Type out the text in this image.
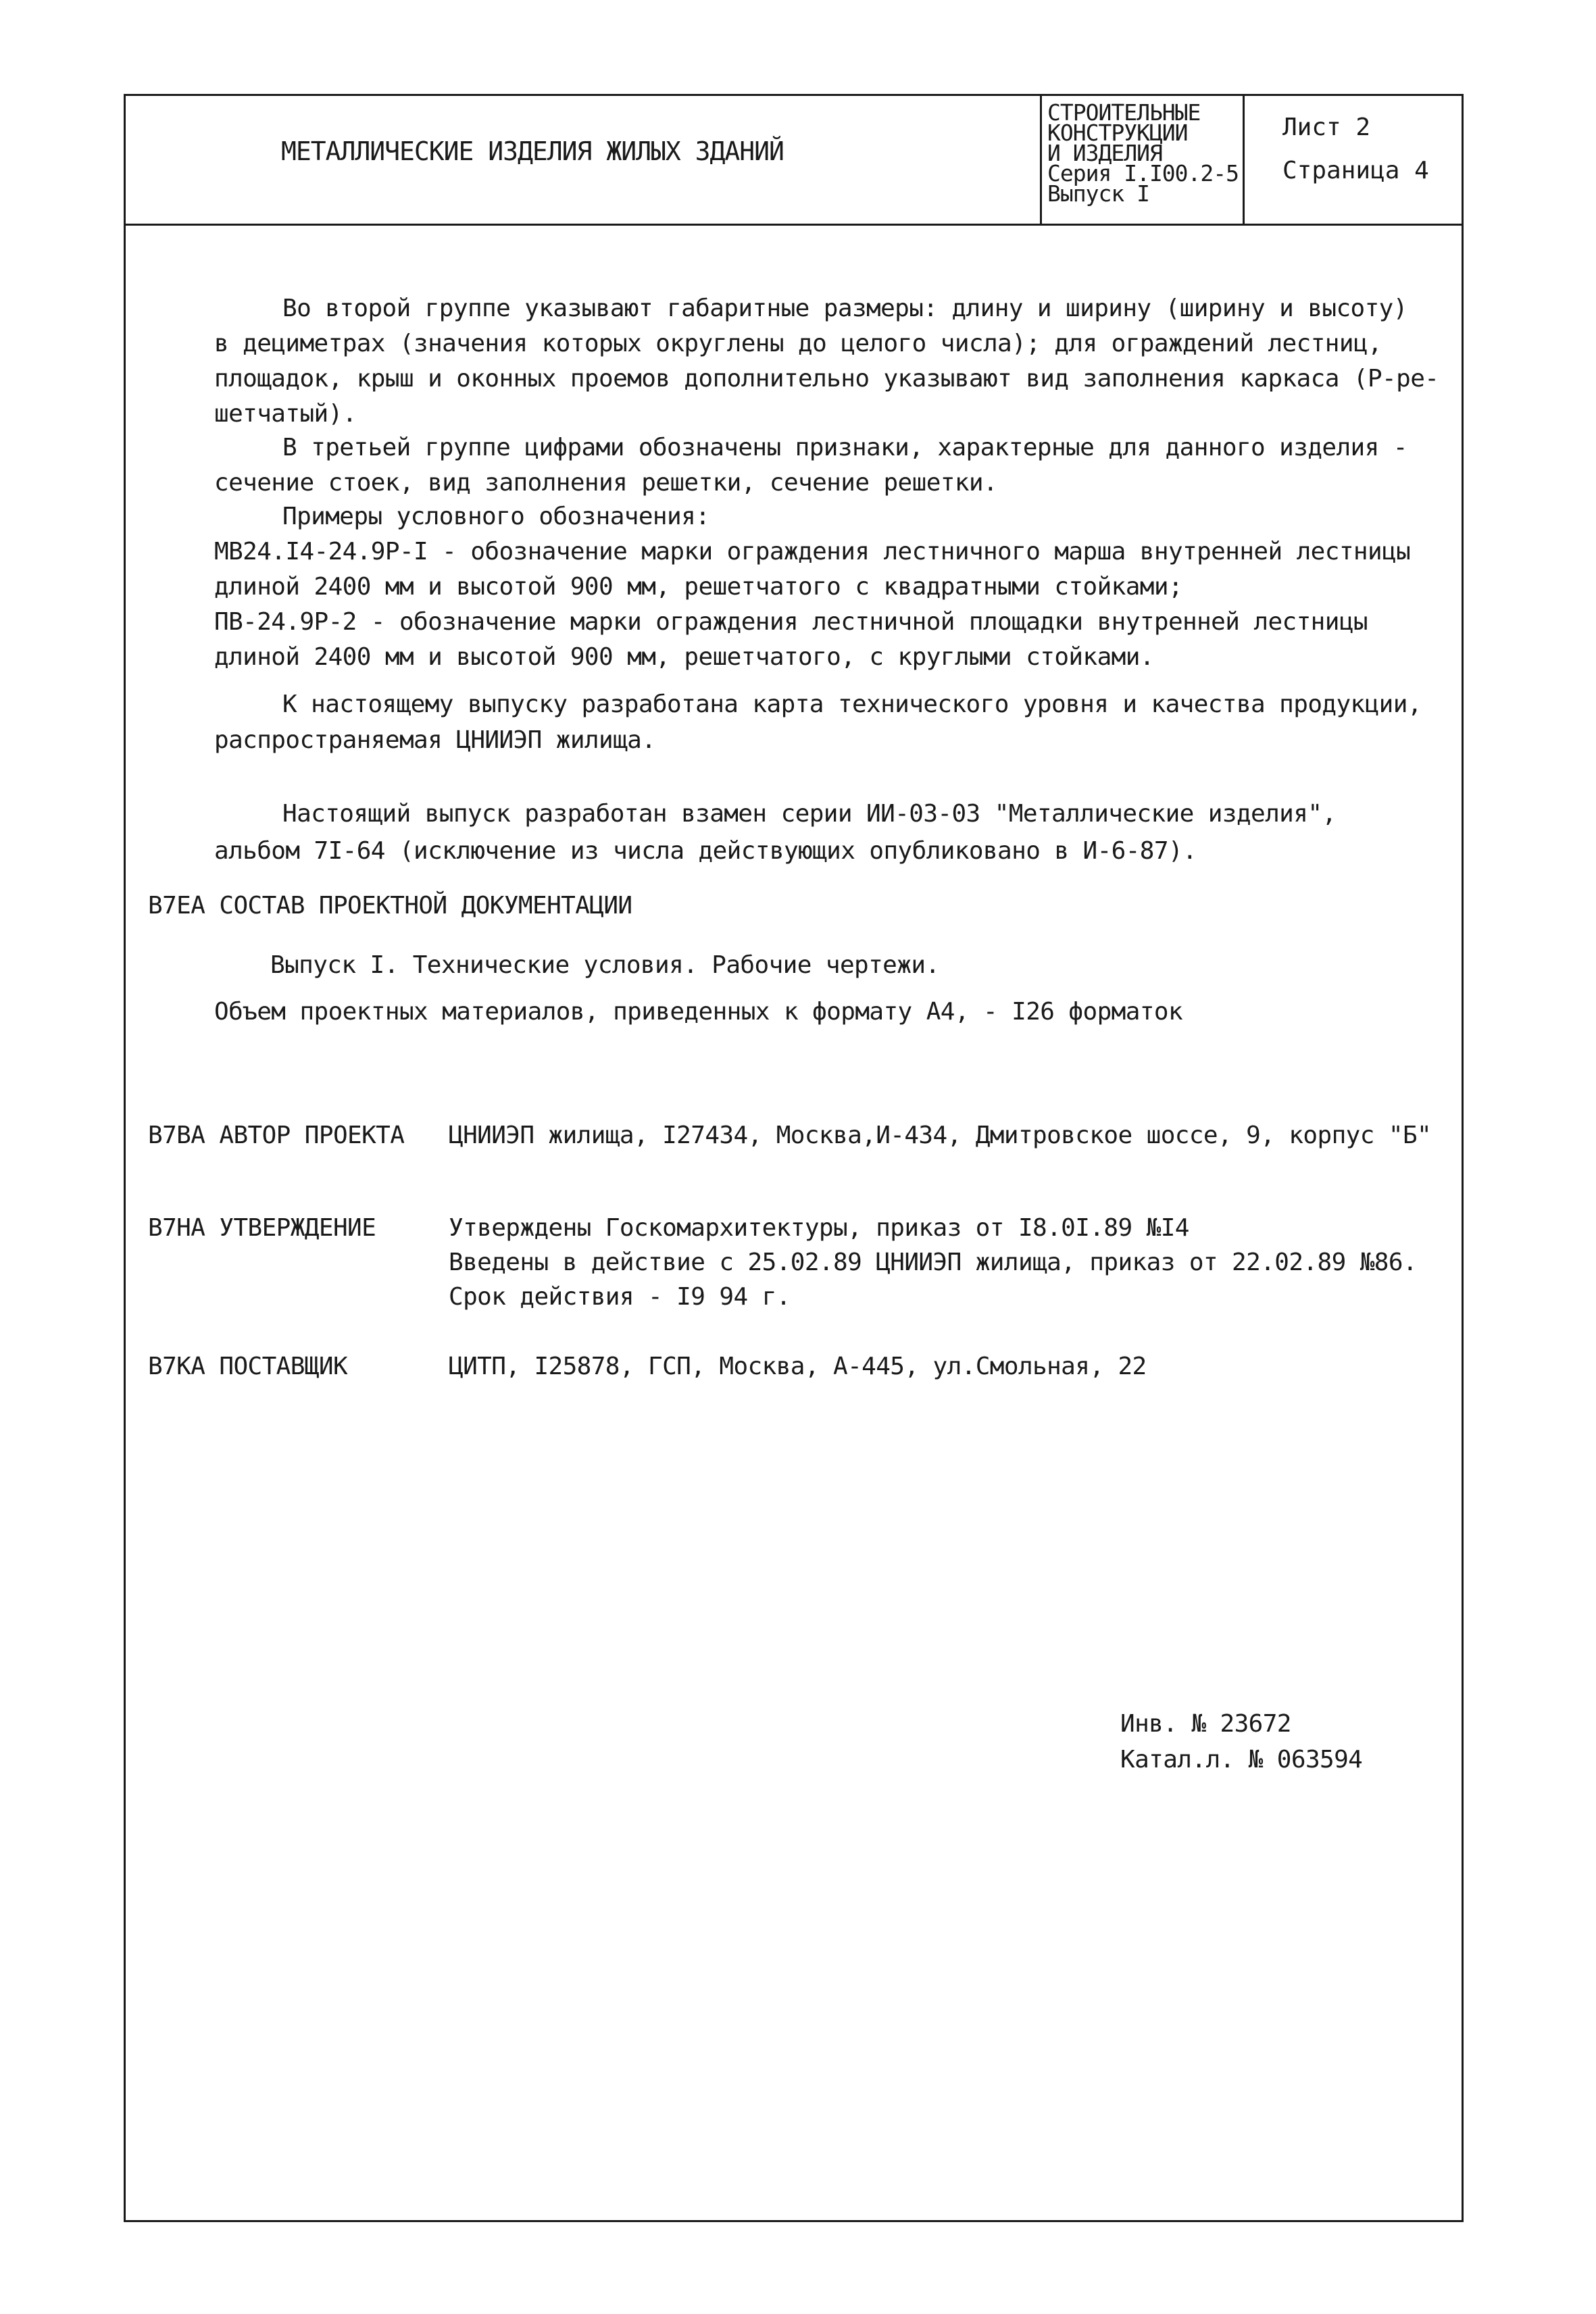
МЕТАЛЛИЧЕСКИЕ ИЗДЕЛИЯ ЖИЛЫХ ЗДАНИЙ
СТРОИТЕЛЬНЫЕ
КОНСТРУКЦИИ
И ИЗДЕЛИЯ
Серия I.I00.2-5
Выпуск I
Лист 2
Страница 4
Во второй группе указывают габаритные размеры: длину и ширину (ширину и высоту)
в дециметрах (значения которых округлены до целого числа); для ограждений лестниц,
площадок, крыш и оконных проемов дополнительно указывают вид заполнения каркаса (Р-ре-
шетчатый).
В третьей группе цифрами обозначены признаки, характерные для данного изделия -
сечение стоек, вид заполнения решетки, сечение решетки.
Примеры условного обозначения:
МВ24.I4-24.9Р-I - обозначение марки ограждения лестничного марша внутренней лестницы
длиной 2400 мм и высотой 900 мм, решетчатого с квадратными стойками;
ПВ-24.9Р-2 - обозначение марки ограждения лестничной площадки внутренней лестницы
длиной 2400 мм и высотой 900 мм, решетчатого, с круглыми стойками.
К настоящему выпуску разработана карта технического уровня и качества продукции,
распространяемая ЦНИИЭП жилища.
Настоящий выпуск разработан взамен серии ИИ-03-03 "Металлические изделия",
альбом 7I-64 (исключение из числа действующих опубликовано в И-6-87).
В7ЕА СОСТАВ ПРОЕКТНОЙ ДОКУМЕНТАЦИИ
Выпуск I. Технические условия. Рабочие чертежи.
Объем проектных материалов, приведенных к формату А4, - I26 форматок
В7ВА АВТОР ПРОЕКТА ЦНИИЭП жилища, I27434, Москва,И-434, Дмитровское шоссе, 9, корпус "Б"
В7НА УТВЕРЖДЕНИЕ	Утверждены Госкомархитектуры, приказ от I8.0I.89 №I4
Введены в действие с 25.02.89 ЦНИИЭП жилища, приказ от 22.02.89 №86.
Срок действия - I9 94 г.
В7КА ПОСТАВЩИК	ЦИТП, I25878, ГСП, Москва, А-445, ул.Смольная, 22
Инв. № 23672
Катал.л. № 063594
